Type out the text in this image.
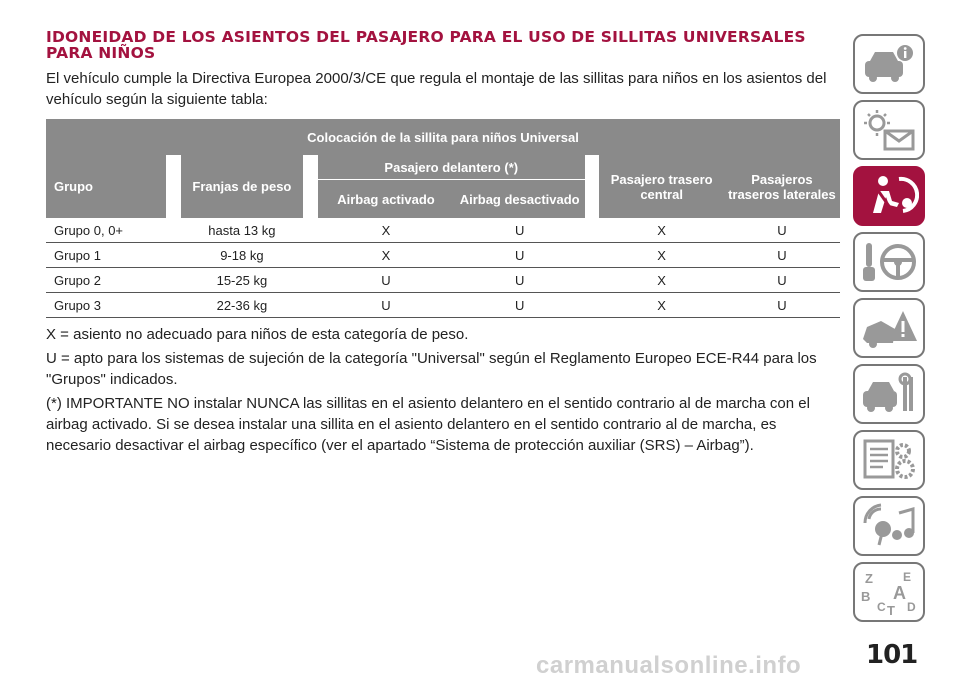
IDONEIDAD DE LOS ASIENTOS DEL PASAJERO PARA EL USO DE SILLITAS UNIVERSALES PARA NIÑOS

El vehículo cumple la Directiva Europea 2000/3/CE que regula el montaje de las sillitas para niños en los asientos del vehículo según la siguiente tabla:

Colocación de la sillita para niños Universal								
Grupo		Franjas de peso		Pasajero delantero (*)			Pasajero trasero central	Pasajeros traseros laterales
				Airbag activado	Airbag desactivado			
Grupo 0, 0+		hasta 13 kg		X	U		X	U
Grupo 1		9-18 kg		X	U		X	U
Grupo 2		15-25 kg		U	U		X	U
Grupo 3		22-36 kg		U	U		X	U

X = asiento no adecuado para niños de esta categoría de peso.

U = apto para los sistemas de sujeción de la categoría "Universal" según el Reglamento Europeo ECE-R44 para los "Grupos" indicados.

(*) IMPORTANTE NO instalar NUNCA las sillitas en el asiento delantero en el sentido contrario al de marcha con el airbag activado. Si se desea instalar una sillita en el asiento delantero en el sentido contrario al de marcha, es necesario desactivar el airbag específico (ver el apartado “Sistema de protección auxiliar (SRS) – Airbag”).

Z	E
B A
C D
T
101
carmanualsonline.info
